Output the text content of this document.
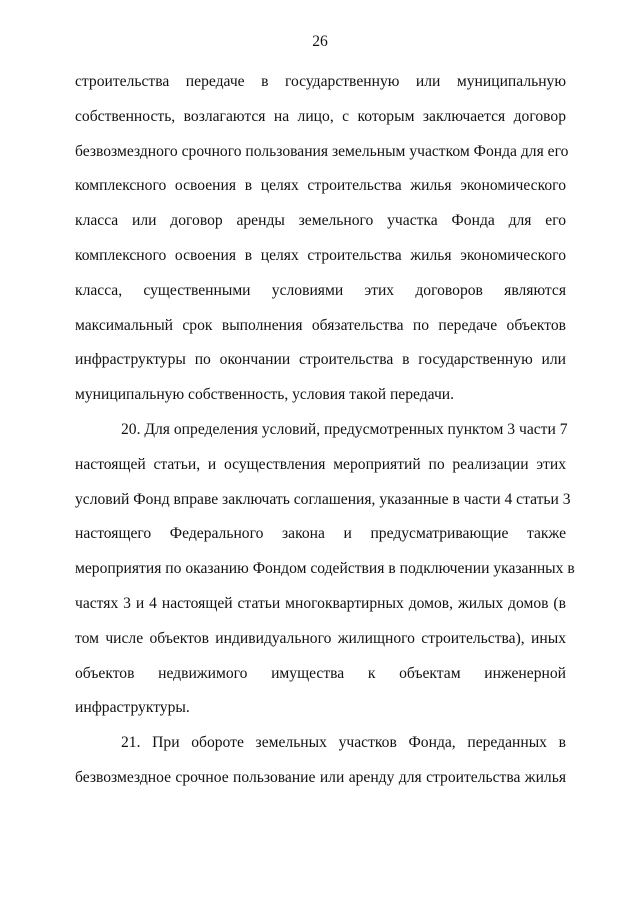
26
строительства передаче в государственную или муниципальную
собственность, возлагаются на лицо, с которым заключается договор
безвозмездного срочного пользования земельным участком Фонда для его
комплексного освоения в целях строительства жилья экономического
класса или договор аренды земельного участка Фонда для его
комплексного освоения в целях строительства жилья экономического
класса, существенными условиями этих договоров являются
максимальный срок выполнения обязательства по передаче объектов
инфраструктуры по окончании строительства в государственную или
муниципальную собственность, условия такой передачи.
20. Для определения условий, предусмотренных пунктом 3 части 7
настоящей статьи, и осуществления мероприятий по реализации этих
условий Фонд вправе заключать соглашения, указанные в части 4 статьи 3
настоящего Федерального закона и предусматривающие также
мероприятия по оказанию Фондом содействия в подключении указанных в
частях 3 и 4 настоящей статьи многоквартирных домов, жилых домов (в
том числе объектов индивидуального жилищного строительства), иных
объектов недвижимого имущества к объектам инженерной
инфраструктуры.
21. При обороте земельных участков Фонда, переданных в
безвозмездное срочное пользование или аренду для строительства жилья
